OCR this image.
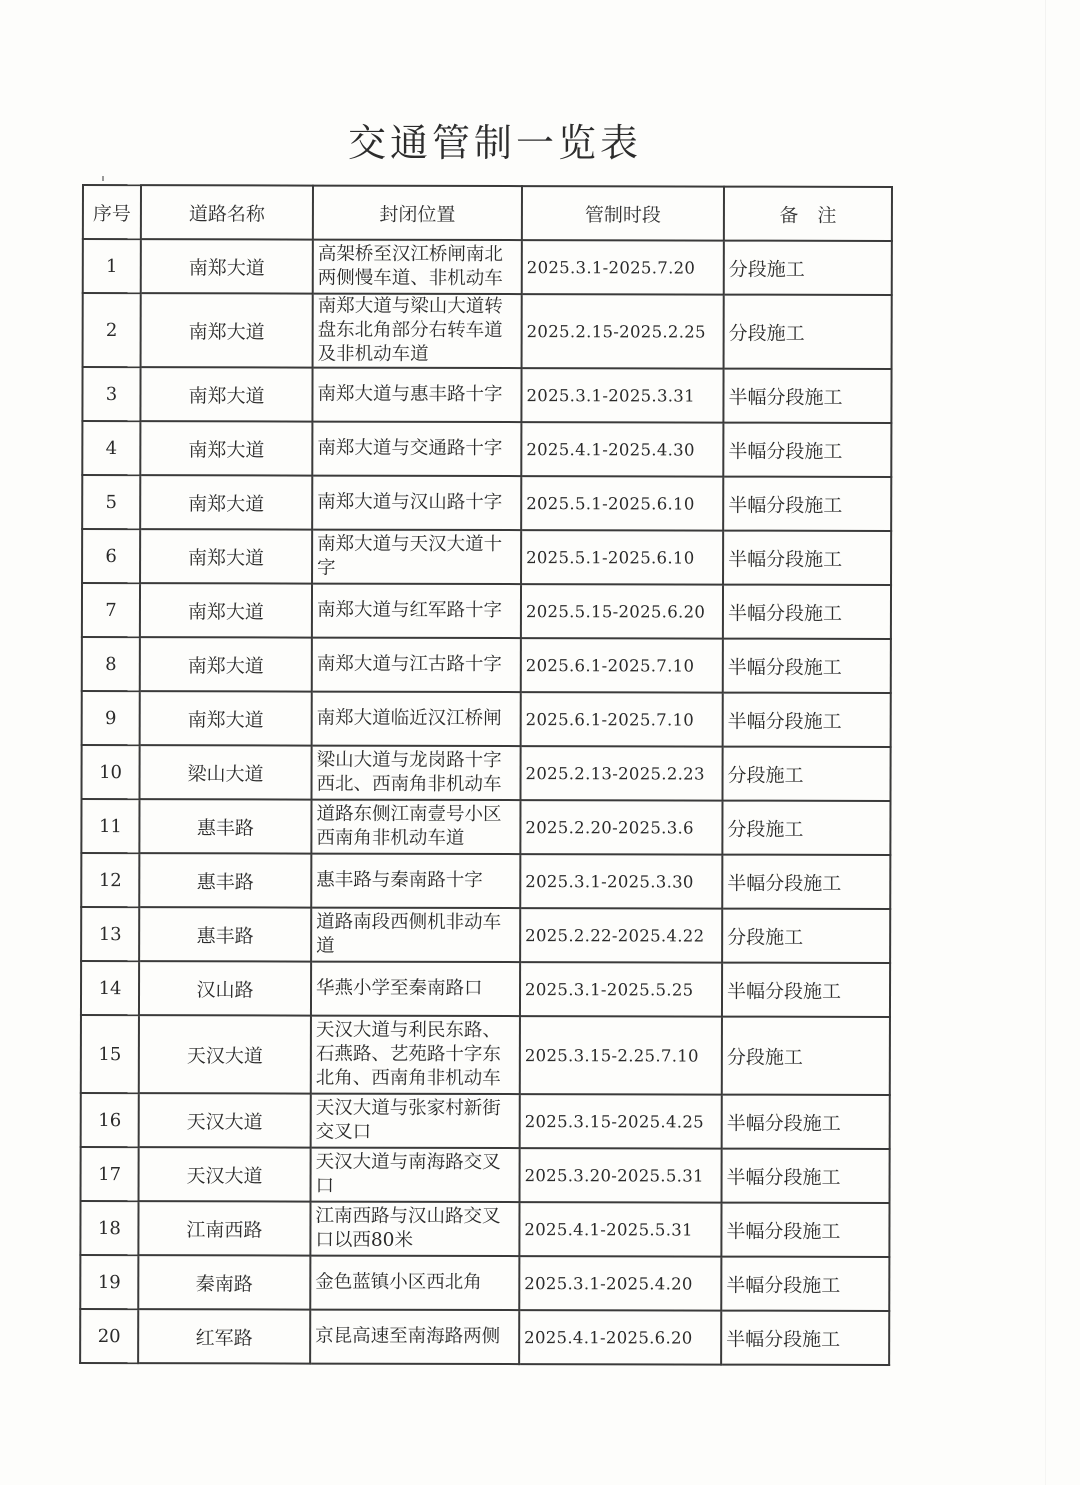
交通管制一览表
序号	道路名称	封闭位置	管制时段	备　注
1	南郑大道	高架桥至汉江桥闸南北两侧慢车道、非机动车	2025.3.1-2025.7.20	分段施工
2	南郑大道	南郑大道与梁山大道转盘东北角部分右转车道及非机动车道	2025.2.15-2025.2.25	分段施工
3	南郑大道	南郑大道与惠丰路十字	2025.3.1-2025.3.31	半幅分段施工
4	南郑大道	南郑大道与交通路十字	2025.4.1-2025.4.30	半幅分段施工
5	南郑大道	南郑大道与汉山路十字	2025.5.1-2025.6.10	半幅分段施工
6	南郑大道	南郑大道与天汉大道十字	2025.5.1-2025.6.10	半幅分段施工
7	南郑大道	南郑大道与红军路十字	2025.5.15-2025.6.20	半幅分段施工
8	南郑大道	南郑大道与江古路十字	2025.6.1-2025.7.10	半幅分段施工
9	南郑大道	南郑大道临近汉江桥闸	2025.6.1-2025.7.10	半幅分段施工
10	梁山大道	梁山大道与龙岗路十字西北、西南角非机动车	2025.2.13-2025.2.23	分段施工
11	惠丰路	道路东侧江南壹号小区西南角非机动车道	2025.2.20-2025.3.6	分段施工
12	惠丰路	惠丰路与秦南路十字	2025.3.1-2025.3.30	半幅分段施工
13	惠丰路	道路南段西侧机非动车道	2025.2.22-2025.4.22	分段施工
14	汉山路	华燕小学至秦南路口	2025.3.1-2025.5.25	半幅分段施工
15	天汉大道	天汉大道与利民东路、石燕路、艺苑路十字东北角、西南角非机动车	2025.3.15-2.25.7.10	分段施工
16	天汉大道	天汉大道与张家村新街交叉口	2025.3.15-2025.4.25	半幅分段施工
17	天汉大道	天汉大道与南海路交叉口	2025.3.20-2025.5.31	半幅分段施工
18	江南西路	江南西路与汉山路交叉口以西80米	2025.4.1-2025.5.31	半幅分段施工
19	秦南路	金色蓝镇小区西北角	2025.3.1-2025.4.20	半幅分段施工
20	红军路	京昆高速至南海路两侧	2025.4.1-2025.6.20	半幅分段施工
